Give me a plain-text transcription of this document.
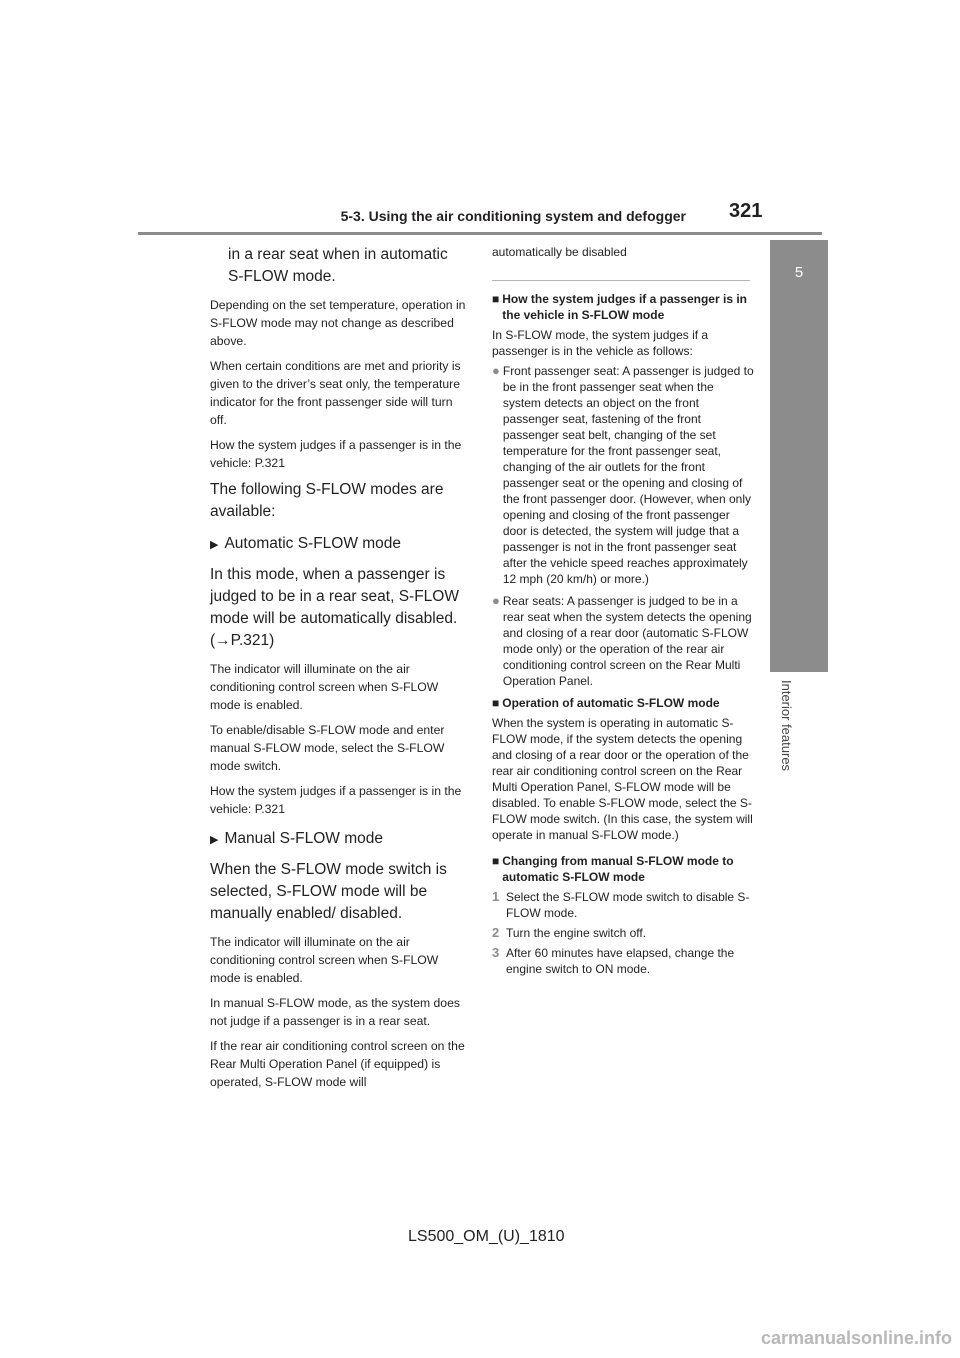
5-3. Using the air conditioning system and defogger 321
5
Interior features
in a rear seat when in automatic
S-FLOW mode.

Depending on the set temperature, operation in S-FLOW mode may not change as described above.

When certain conditions are met and priority is given to the driver’s seat only, the temperature indicator for the front passenger side will turn off.

How the system judges if a passenger is in the vehicle: P.321

The following S-FLOW modes are available:

▶ Automatic S-FLOW mode

In this mode, when a passenger is judged to be in a rear seat, S-FLOW mode will be automatically disabled. (→P.321)

The indicator will illuminate on the air conditioning control screen when S-FLOW mode is enabled.

To enable/disable S-FLOW mode and enter manual S-FLOW mode, select the S-FLOW mode switch.

How the system judges if a passenger is in the vehicle: P.321

▶ Manual S-FLOW mode

When the S-FLOW mode switch is selected, S-FLOW mode will be manually enabled/ disabled.

The indicator will illuminate on the air conditioning control screen when S-FLOW mode is enabled.

In manual S-FLOW mode, as the system does not judge if a passenger is in a rear seat.

If the rear air conditioning control screen on the Rear Multi Operation Panel (if equipped) is operated, S-FLOW mode will

automatically be disabled

■ How the system judges if a passenger is in the vehicle in S-FLOW mode

In S-FLOW mode, the system judges if a passenger is in the vehicle as follows:

● Front passenger seat: A passenger is judged to be in the front passenger seat when the system detects an object on the front passenger seat, fastening of the front passenger seat belt, changing of the set temperature for the front passenger seat, changing of the air outlets for the front passenger seat or the opening and closing of the front passenger door. (However, when only opening and closing of the front passenger door is detected, the system will judge that a passenger is not in the front passenger seat after the vehicle speed reaches approximately 12 mph (20 km/h) or more.)
● Rear seats: A passenger is judged to be in a rear seat when the system detects the opening and closing of a rear door (automatic S-FLOW mode only) or the operation of the rear air conditioning control screen on the Rear Multi Operation Panel.
■ Operation of automatic S-FLOW mode

When the system is operating in automatic S-FLOW mode, if the system detects the opening and closing of a rear door or the operation of the rear air conditioning control screen on the Rear Multi Operation Panel, S-FLOW mode will be disabled. To enable S-FLOW mode, select the S-FLOW mode switch. (In this case, the system will operate in manual S-FLOW mode.)

■ Changing from manual S-FLOW mode to automatic S-FLOW mode
1 Select the S-FLOW mode switch to disable S-FLOW mode.
2 Turn the engine switch off.
3 After 60 minutes have elapsed, change the engine switch to ON mode.
LS500_OM_(U)_1810
carmanualsonline.info
